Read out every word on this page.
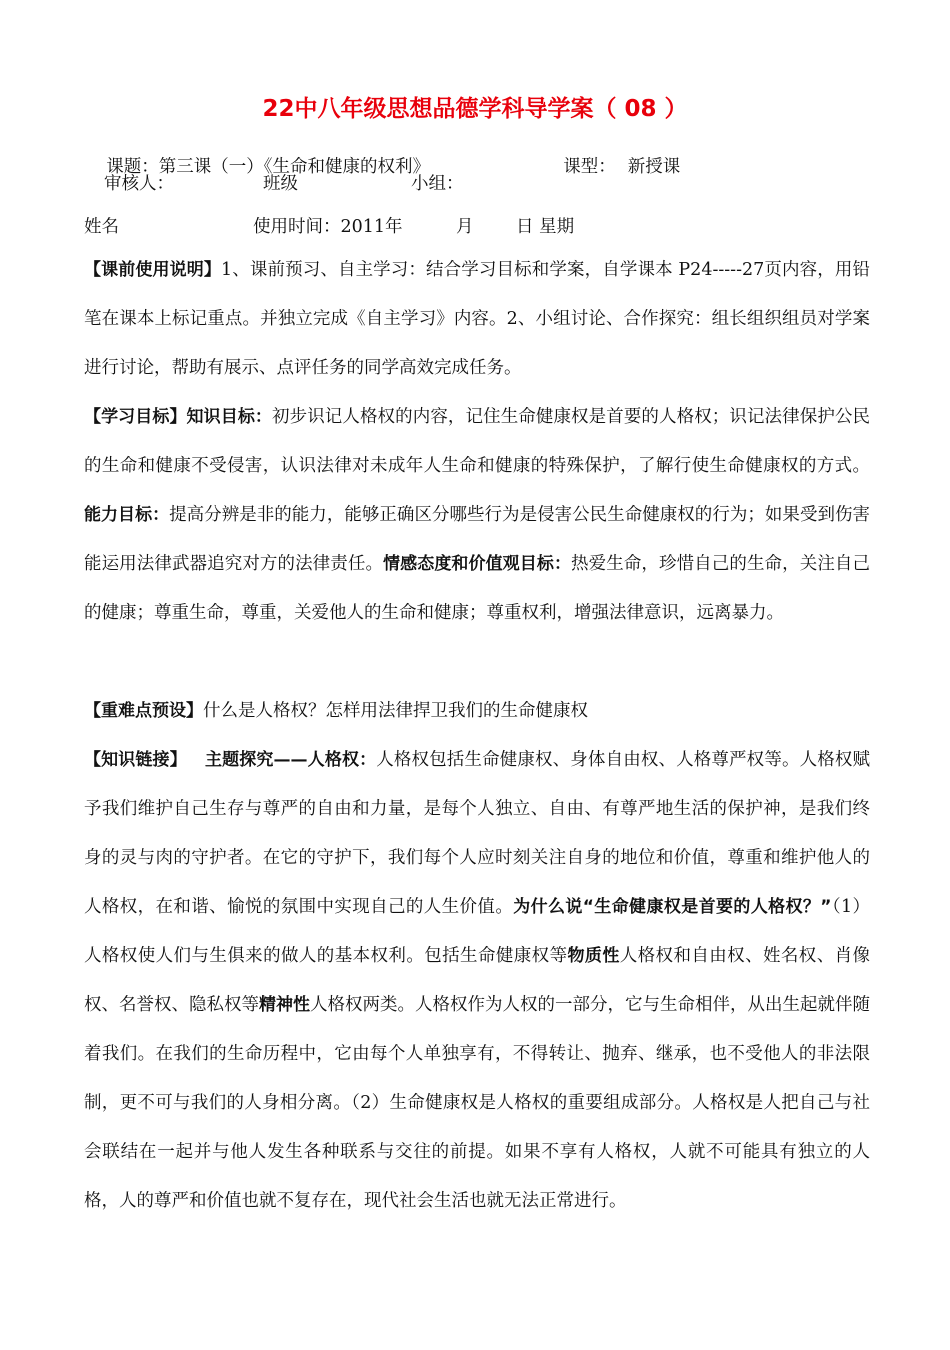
22中八年级思想品德学科导学案（ 08 ）

课题：第三课（一）《生命和健康的权利》
	课型： 新授课

审核人：	班级	小组：
姓名	使用时间：2011年	月 日 星期
【课前使用说明】1、课前预习、自主学习：结合学习目标和学案，自学课本 P24-----27页内容，用铅笔在课本上标记重点。并独立完成《自主学习》内容。2、小组讨论、合作探究：组长组织组员对学案进行讨论，帮助有展示、点评任务的同学高效完成任务。
【学习目标】知识目标：初步识记人格权的内容，记住生命健康权是首要的人格权；识记法律保护公民的生命和健康不受侵害，认识法律对未成年人生命和健康的特殊保护，了解行使生命健康权的方式。能力目标：提高分辨是非的能力，能够正确区分哪些行为是侵害公民生命健康权的行为；如果受到伤害能运用法律武器追究对方的法律责任。情感态度和价值观目标：热爱生命，珍惜自己的生命，关注自己的健康；尊重生命，尊重，关爱他人的生命和健康；尊重权利，增强法律意识，远离暴力。
【重难点预设】什么是人格权？怎样用法律捍卫我们的生命健康权
【知识链接】 主题探究——人格权：人格权包括生命健康权、身体自由权、人格尊严权等。人格权赋予我们维护自己生存与尊严的自由和力量，是每个人独立、自由、有尊严地生活的保护神，是我们终身的灵与肉的守护者。在它的守护下，我们每个人应时刻关注自身的地位和价值，尊重和维护他人的人格权，在和谐、愉悦的氛围中实现自己的人生价值。为什么说“生命健康权是首要的人格权？”（1）人格权使人们与生俱来的做人的基本权利。包括生命健康权等物质性人格权和自由权、姓名权、肖像权、名誉权、隐私权等精神性人格权两类。人格权作为人权的一部分，它与生命相伴，从出生起就伴随着我们。在我们的生命历程中，它由每个人单独享有，不得转让、抛弃、继承，也不受他人的非法限制，更不可与我们的人身相分离。（2）生命健康权是人格权的重要组成部分。人格权是人把自己与社会联结在一起并与他人发生各种联系与交往的前提。如果不享有人格权，人就不可能具有独立的人格，人的尊严和价值也就不复存在，现代社会生活也就无法正常进行。
